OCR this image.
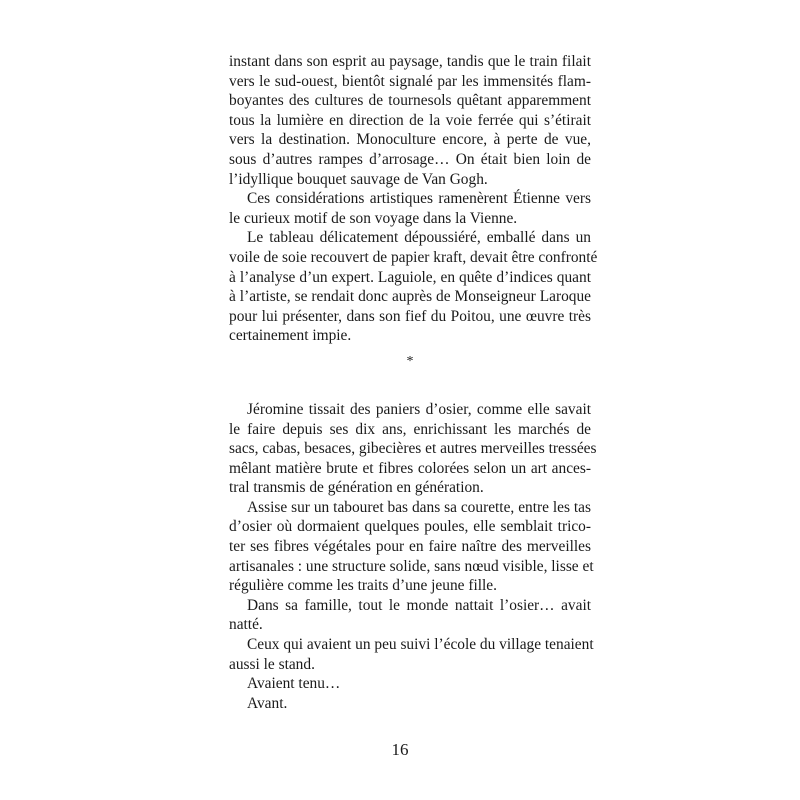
instant dans son esprit au paysage, tandis que le train filait
vers le sud-ouest, bientôt signalé par les immensités flam-
boyantes des cultures de tournesols quêtant apparemment
tous la lumière en direction de la voie ferrée qui s’étirait
vers la destination. Monoculture encore, à perte de vue,
sous d’autres rampes d’arrosage… On était bien loin de
l’idyllique bouquet sauvage de Van Gogh.
Ces considérations artistiques ramenèrent Étienne vers
le curieux motif de son voyage dans la Vienne.
Le tableau délicatement dépoussiéré, emballé dans un
voile de soie recouvert de papier kraft, devait être confronté
à l’analyse d’un expert. Laguiole, en quête d’indices quant
à l’artiste, se rendait donc auprès de Monseigneur Laroque
pour lui présenter, dans son fief du Poitou, une œuvre très
certainement impie.
*
Jéromine tissait des paniers d’osier, comme elle savait
le faire depuis ses dix ans, enrichissant les marchés de
sacs, cabas, besaces, gibecières et autres merveilles tressées
mêlant matière brute et fibres colorées selon un art ances-
tral transmis de génération en génération.
Assise sur un tabouret bas dans sa courette, entre les tas
d’osier où dormaient quelques poules, elle semblait trico-
ter ses fibres végétales pour en faire naître des merveilles
artisanales : une structure solide, sans nœud visible, lisse et
régulière comme les traits d’une jeune fille.
Dans sa famille, tout le monde nattait l’osier… avait
natté.
Ceux qui avaient un peu suivi l’école du village tenaient
aussi le stand.
Avaient tenu…
Avant.
16
